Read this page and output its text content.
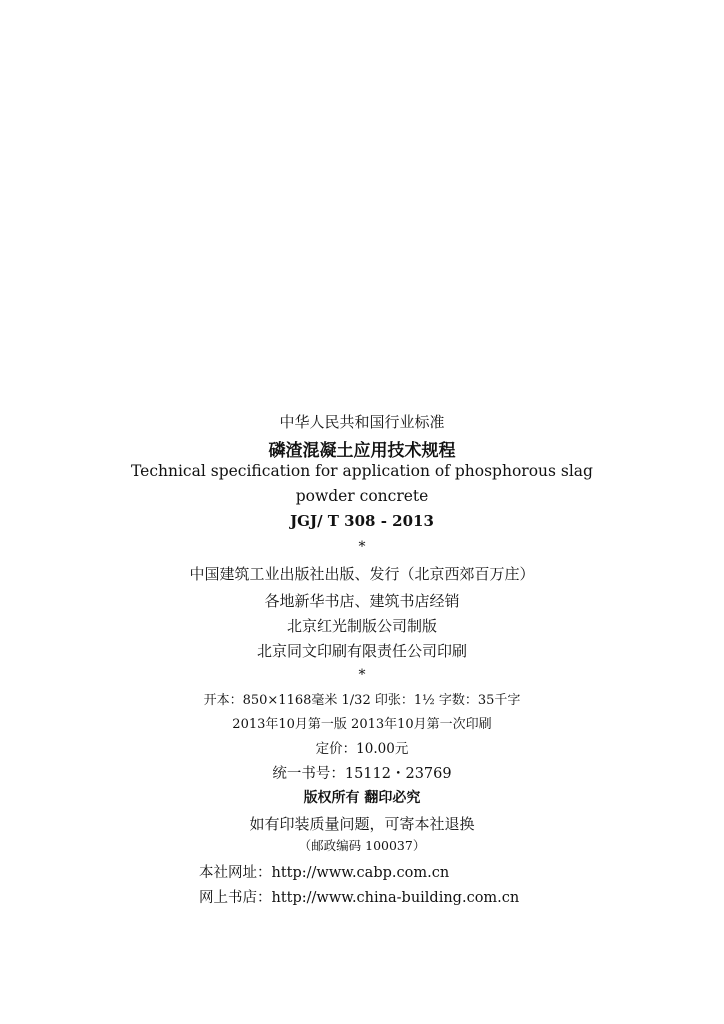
中华人民共和国行业标准
磷渣混凝土应用技术规程
Technical specification for application of phosphorous slag
powder concrete
JGJ/ T 308 - 2013
*
中国建筑工业出版社出版、发行（北京西郊百万庄）
各地新华书店、建筑书店经销
北京红光制版公司制版
北京同文印刷有限责任公司印刷
*
开本：850×1168毫米 1/32 印张：1½ 字数：35千字
2013年10月第一版 2013年10月第一次印刷
定价：10.00元
统一书号：15112・23769
版权所有 翻印必究
如有印装质量问题，可寄本社退换
（邮政编码 100037）
本社网址：http://www.cabp.com.cn
网上书店：http://www.china-building.com.cn
